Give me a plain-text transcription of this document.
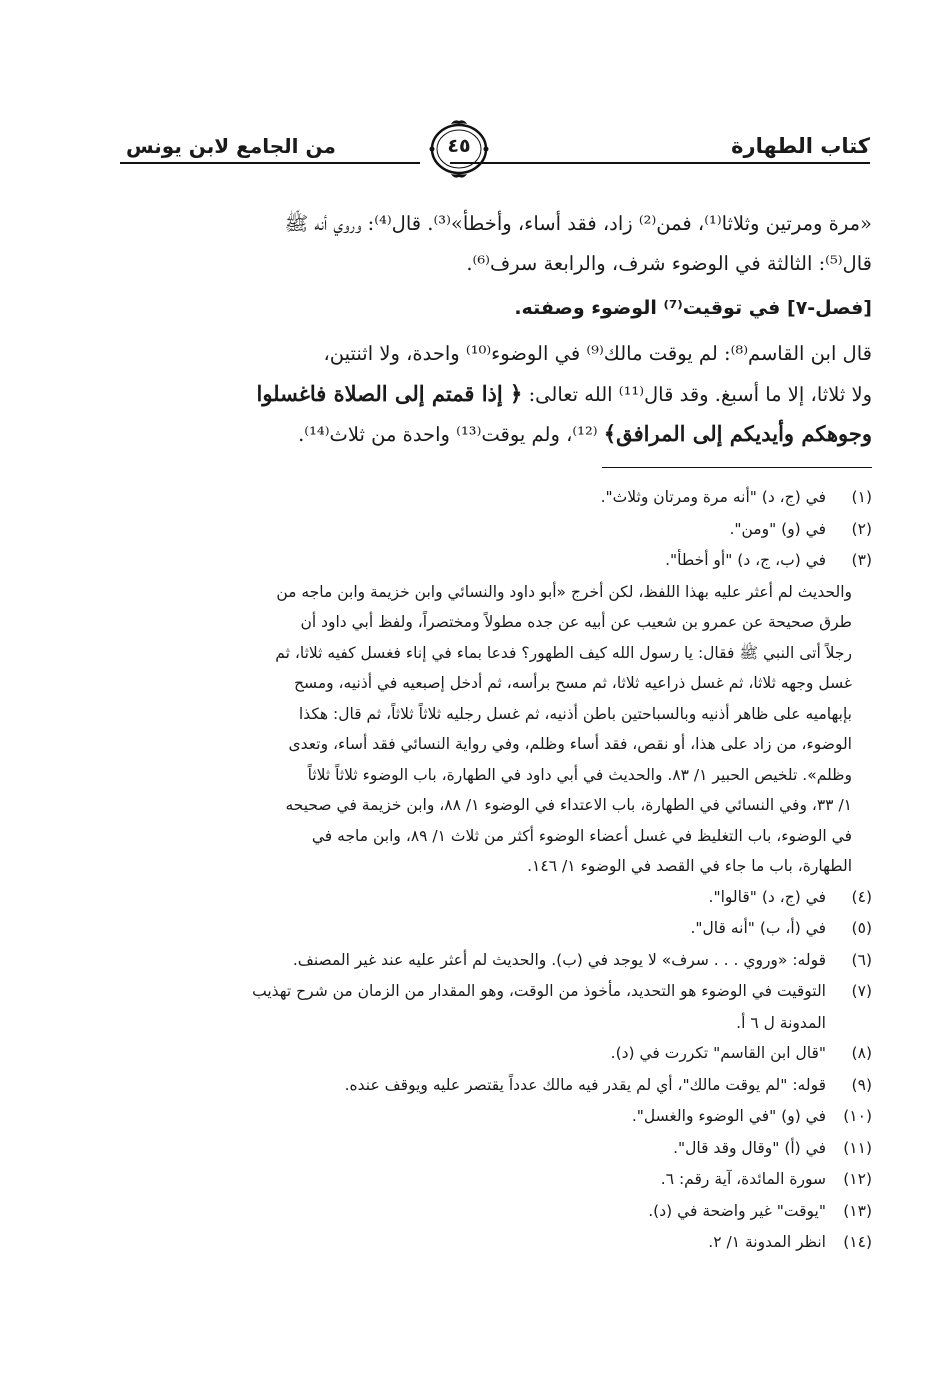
كتاب الطهارة
من الجامع لابن يونس	٤٥
«مرة ومرتين وثلاثا⁽¹⁾، فمن⁽²⁾ زاد، فقد أساء، وأخطأ»⁽³⁾. قال⁽⁴⁾: وروي أنه ﷺ
قال⁽⁵⁾: الثالثة في الوضوء شرف، والرابعة سرف⁽⁶⁾.
[فصل-٧] في توقيت⁽⁷⁾ الوضوء وصفته.
قال ابن القاسم⁽⁸⁾: لم يوقت مالك⁽⁹⁾ في الوضوء⁽¹⁰⁾ واحدة، ولا اثنتين،
ولا ثلاثا، إلا ما أسبغ. وقد قال⁽¹¹⁾ الله تعالى: ﴿ إذا قمتم إلى الصلاة فاغسلوا
وجوهكم وأيديكم إلى المرافق﴾ ⁽¹²⁾، ولم يوقت⁽¹³⁾ واحدة من ثلاث⁽¹⁴⁾.
(١)
في (ج، د) "أنه مرة ومرتان وثلاث".
(٢)
في (و) "ومن".
(٣)
في (ب، ج، د) "أو أخطأ".
والحديث لم أعثر عليه بهذا اللفظ، لكن أخرج «أبو داود والنسائي وابن خزيمة وابن ماجه من
طرق صحيحة عن عمرو بن شعيب عن أبيه عن جده مطولاً ومختصراً، ولفظ أبي داود أن
رجلاً أتى النبي ﷺ فقال: يا رسول الله كيف الطهور؟ فدعا بماء في إناء فغسل كفيه ثلاثا، ثم
غسل وجهه ثلاثا، ثم غسل ذراعيه ثلاثا، ثم مسح برأسه، ثم أدخل إصبعيه في أذنيه، ومسح
بإبهاميه على ظاهر أذنيه وبالسباحتين باطن أذنيه، ثم غسل رجليه ثلاثاً ثلاثاً، ثم قال: هكذا
الوضوء، من زاد على هذا، أو نقص، فقد أساء وظلم، وفي رواية النسائي فقد أساء، وتعدى
وظلم». تلخيص الحبير ١/ ٨٣. والحديث في أبي داود في الطهارة، باب الوضوء ثلاثاً ثلاثاً
١/ ٣٣، وفي النسائي في الطهارة، باب الاعتداء في الوضوء ١/ ٨٨، وابن خزيمة في صحيحه
في الوضوء، باب التغليظ في غسل أعضاء الوضوء أكثر من ثلاث ١/ ٨٩، وابن ماجه في
الطهارة، باب ما جاء في القصد في الوضوء ١/ ١٤٦.
(٤)
في (ج، د) "قالوا".
(٥)
في (أ، ب) "أنه قال".
(٦)
قوله: «وروي . . . سرف» لا يوجد في (ب). والحديث لم أعثر عليه عند غير المصنف.
(٧)
التوقيت في الوضوء هو التحديد، مأخوذ من الوقت، وهو المقدار من الزمان من شرح تهذيب
المدونة ل ٦ أ.
(٨)
"قال ابن القاسم" تكررت في (د).
(٩)
قوله: "لم يوقت مالك"، أي لم يقدر فيه مالك عدداً يقتصر عليه ويوقف عنده.
(١٠)
في (و) "في الوضوء والغسل".
(١١)
في (أ) "وقال وقد قال".
(١٢)
سورة المائدة، آية رقم: ٦.
(١٣)
"يوقت" غير واضحة في (د).
(١٤)
انظر المدونة ١/ ٢.
